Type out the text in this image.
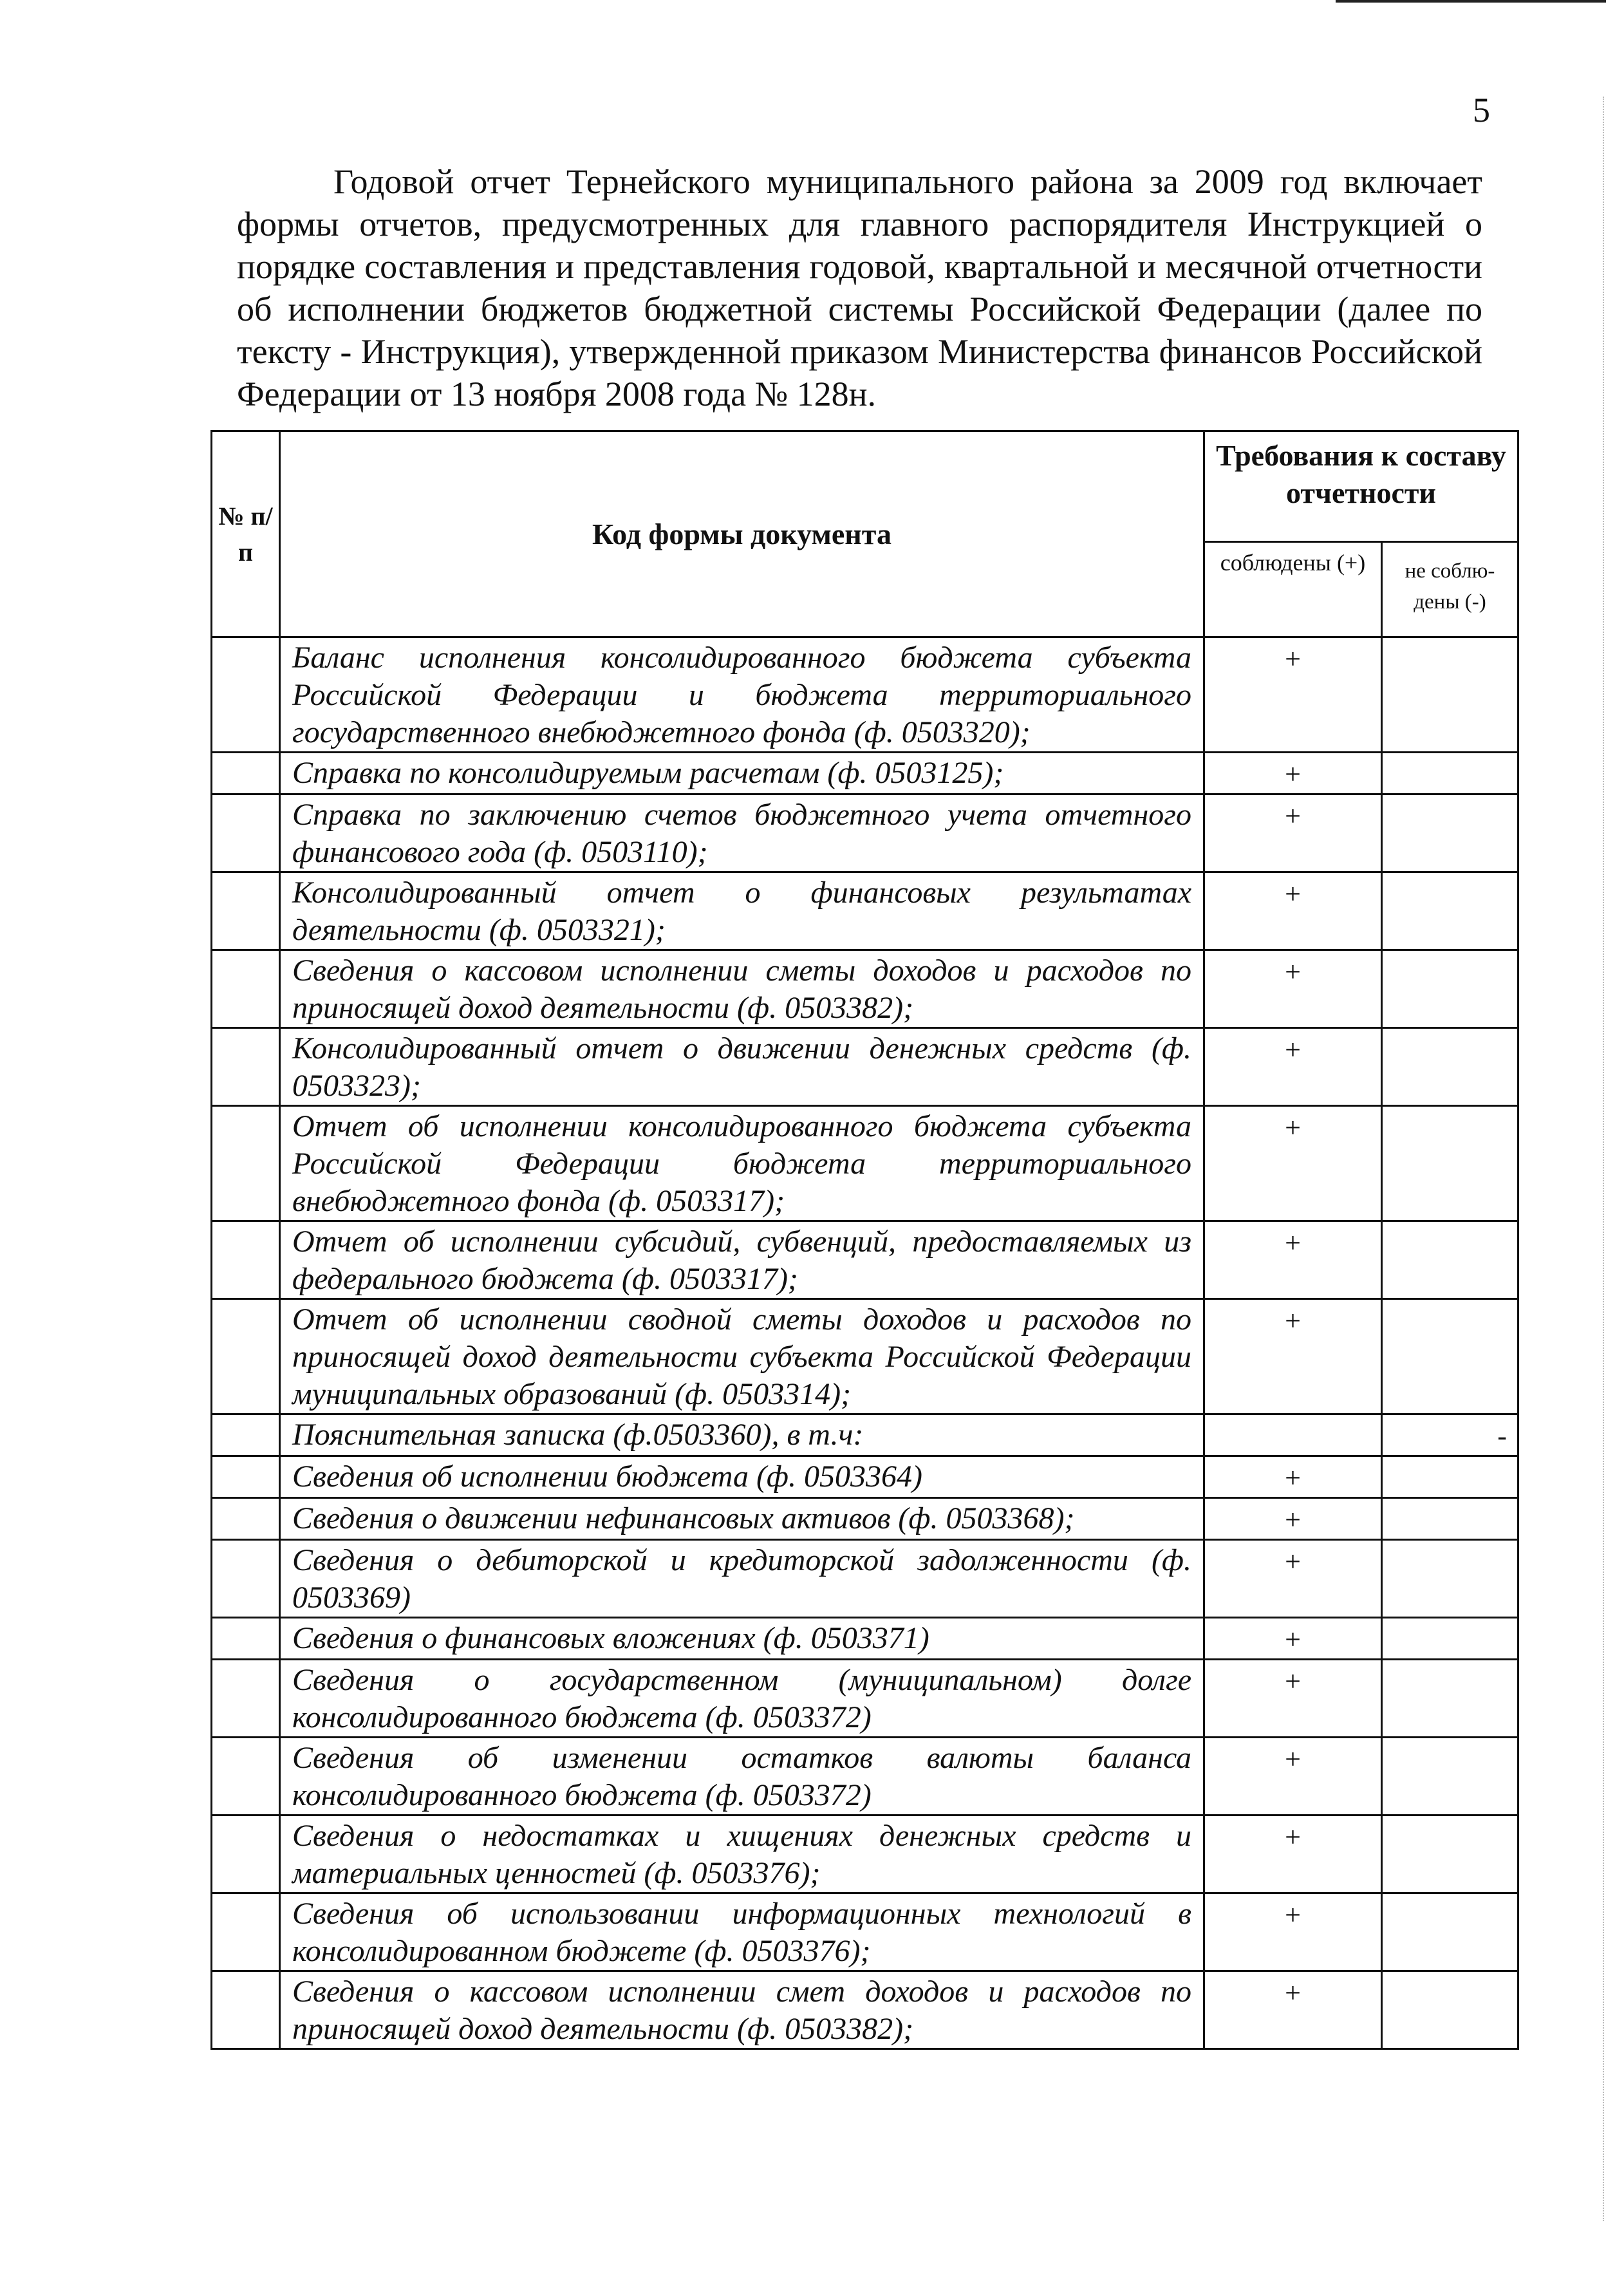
5

Годовой отчет Тернейского муниципального района за 2009 год включает формы отчетов, предусмотренных для главного распорядителя Инструкцией о порядке составления и представления годовой, квартальной и месячной отчетности об исполнении бюджетов бюджетной системы Российской Федерации (далее по тексту - Инструкция), утвержденной приказом Министерства финансов Российской Федерации от 13 ноября 2008 года № 128н.

№ п/п	Код формы документа	Требования к составу отчетности	
		соблюдены (+)	не соблю- дены (-)
	Баланс исполнения консолидированного бюджета субъекта Российской Федерации и бюджета территориального государственного внебюджетного фонда (ф. 0503320);	+	
	Справка по консолидируемым расчетам (ф. 0503125);	+	
	Справка по заключению счетов бюджетного учета отчетного финансового года (ф. 0503110);	+	
	Консолидированный отчет о финансовых результатах деятельности (ф. 0503321);	+	
	Сведения о кассовом исполнении сметы доходов и расходов по приносящей доход деятельности (ф. 0503382);	+	
	Консолидированный отчет о движении денежных средств (ф. 0503323);	+	
	Отчет об исполнении консолидированного бюджета субъекта Российской Федерации бюджета территориального внебюджетного фонда (ф. 0503317);	+	
	Отчет об исполнении субсидий, субвенций, предоставляемых из федерального бюджета (ф. 0503317);	+	
	Отчет об исполнении сводной сметы доходов и расходов по приносящей доход деятельности субъекта Российской Федерации муниципальных образований (ф. 0503314);	+	
	Пояснительная записка (ф.0503360), в т.ч:		-
	Сведения об исполнении бюджета (ф. 0503364)	+	
	Сведения о движении нефинансовых активов (ф. 0503368);	+	
	Сведения о дебиторской и кредиторской задолженности (ф. 0503369)	+	
	Сведения о финансовых вложениях (ф. 0503371)	+	
	Сведения о государственном (муниципальном) долге консолидированного бюджета (ф. 0503372)	+	
	Сведения об изменении остатков валюты баланса консолидированного бюджета (ф. 0503372)	+	
	Сведения о недостатках и хищениях денежных средств и материальных ценностей (ф. 0503376);	+	
	Сведения об использовании информационных технологий в консолидированном бюджете (ф. 0503376);	+	
	Сведения о кассовом исполнении смет доходов и расходов по приносящей доход деятельности (ф. 0503382);	+	
